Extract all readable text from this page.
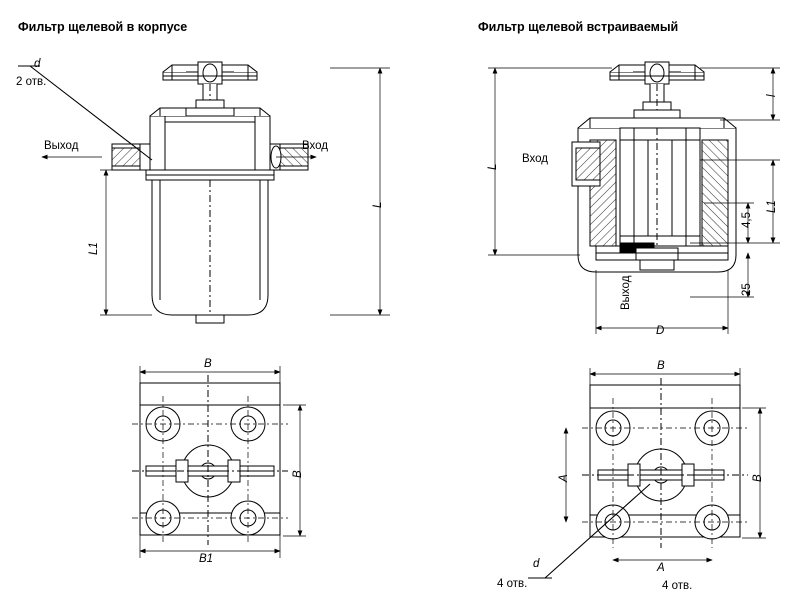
Фильтр щелевой в корпусе	Фильтр щелевой встраиваемый
d
2 отв.
Выход	Вход
L1
L
B
B
B1
L
l
L1
4,5
25
Вход
Выход
D
B
B
A
A
d
4 отв.
4 отв.
